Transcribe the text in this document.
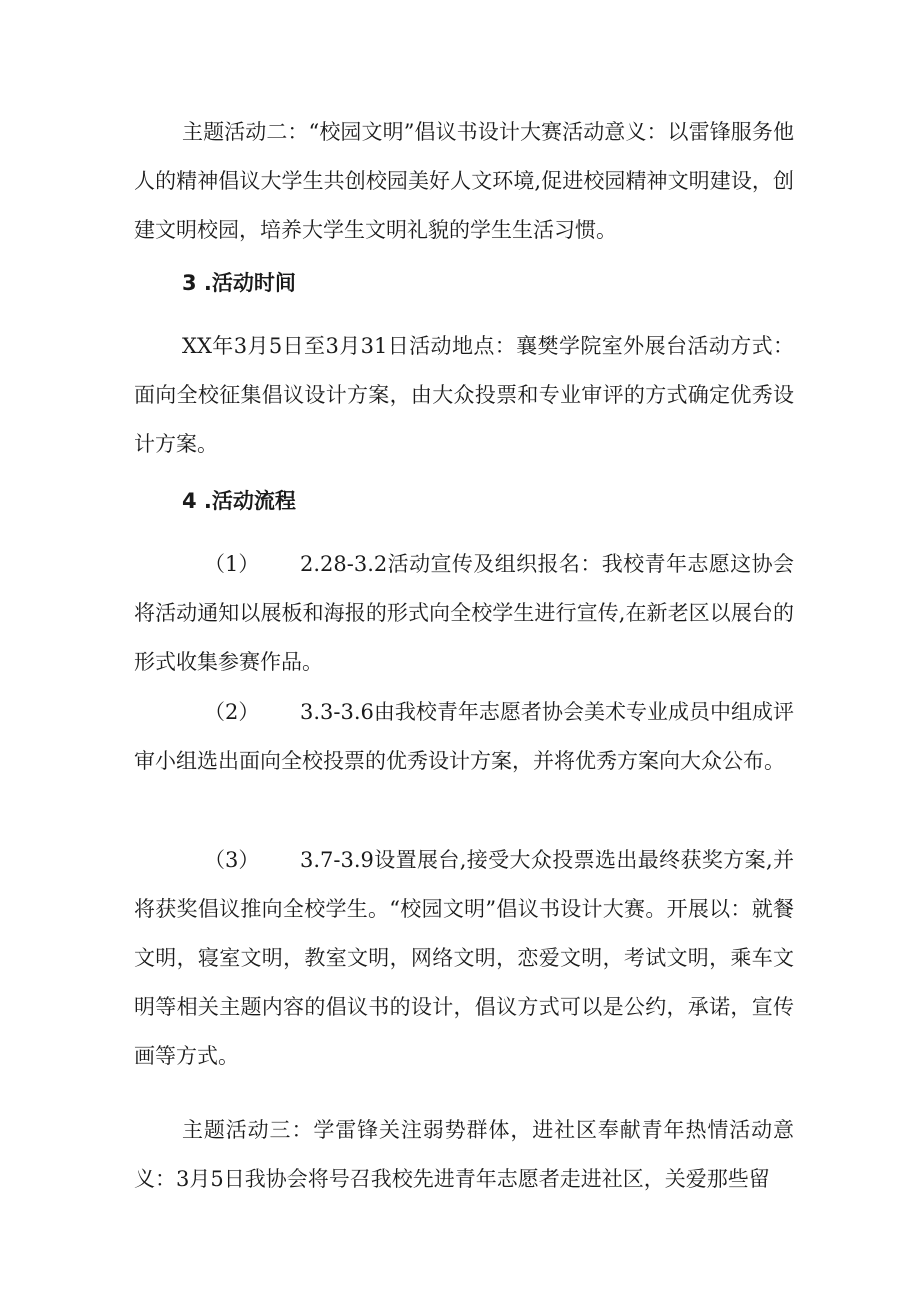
主题活动二：“校园文明”倡议书设计大赛活动意义：以雷锋服务他人的精神倡议大学生共创校园美好人文环境,促进校园精神文明建设，创建文明校园，培养大学生文明礼貌的学生生活习惯。

3 .活动时间

XX年3月5日至3月31日活动地点：襄樊学院室外展台活动方式：面向全校征集倡议设计方案，由大众投票和专业审评的方式确定优秀设计方案。

4 .活动流程

（1） 2.28-3.2活动宣传及组织报名：我校青年志愿这协会将活动通知以展板和海报的形式向全校学生进行宣传,在新老区以展台的形式收集参赛作品。

（2） 3.3-3.6由我校青年志愿者协会美术专业成员中组成评审小组选出面向全校投票的优秀设计方案，并将优秀方案向大众公布。

（3） 3.7-3.9设置展台,接受大众投票选出最终获奖方案,并将获奖倡议推向全校学生。“校园文明”倡议书设计大赛。开展以：就餐文明，寝室文明，教室文明，网络文明，恋爱文明，考试文明，乘车文明等相关主题内容的倡议书的设计，倡议方式可以是公约，承诺，宣传画等方式。

主题活动三：学雷锋关注弱势群体，进社区奉献青年热情活动意义：3月5日我协会将号召我校先进青年志愿者走进社区，关爱那些留
